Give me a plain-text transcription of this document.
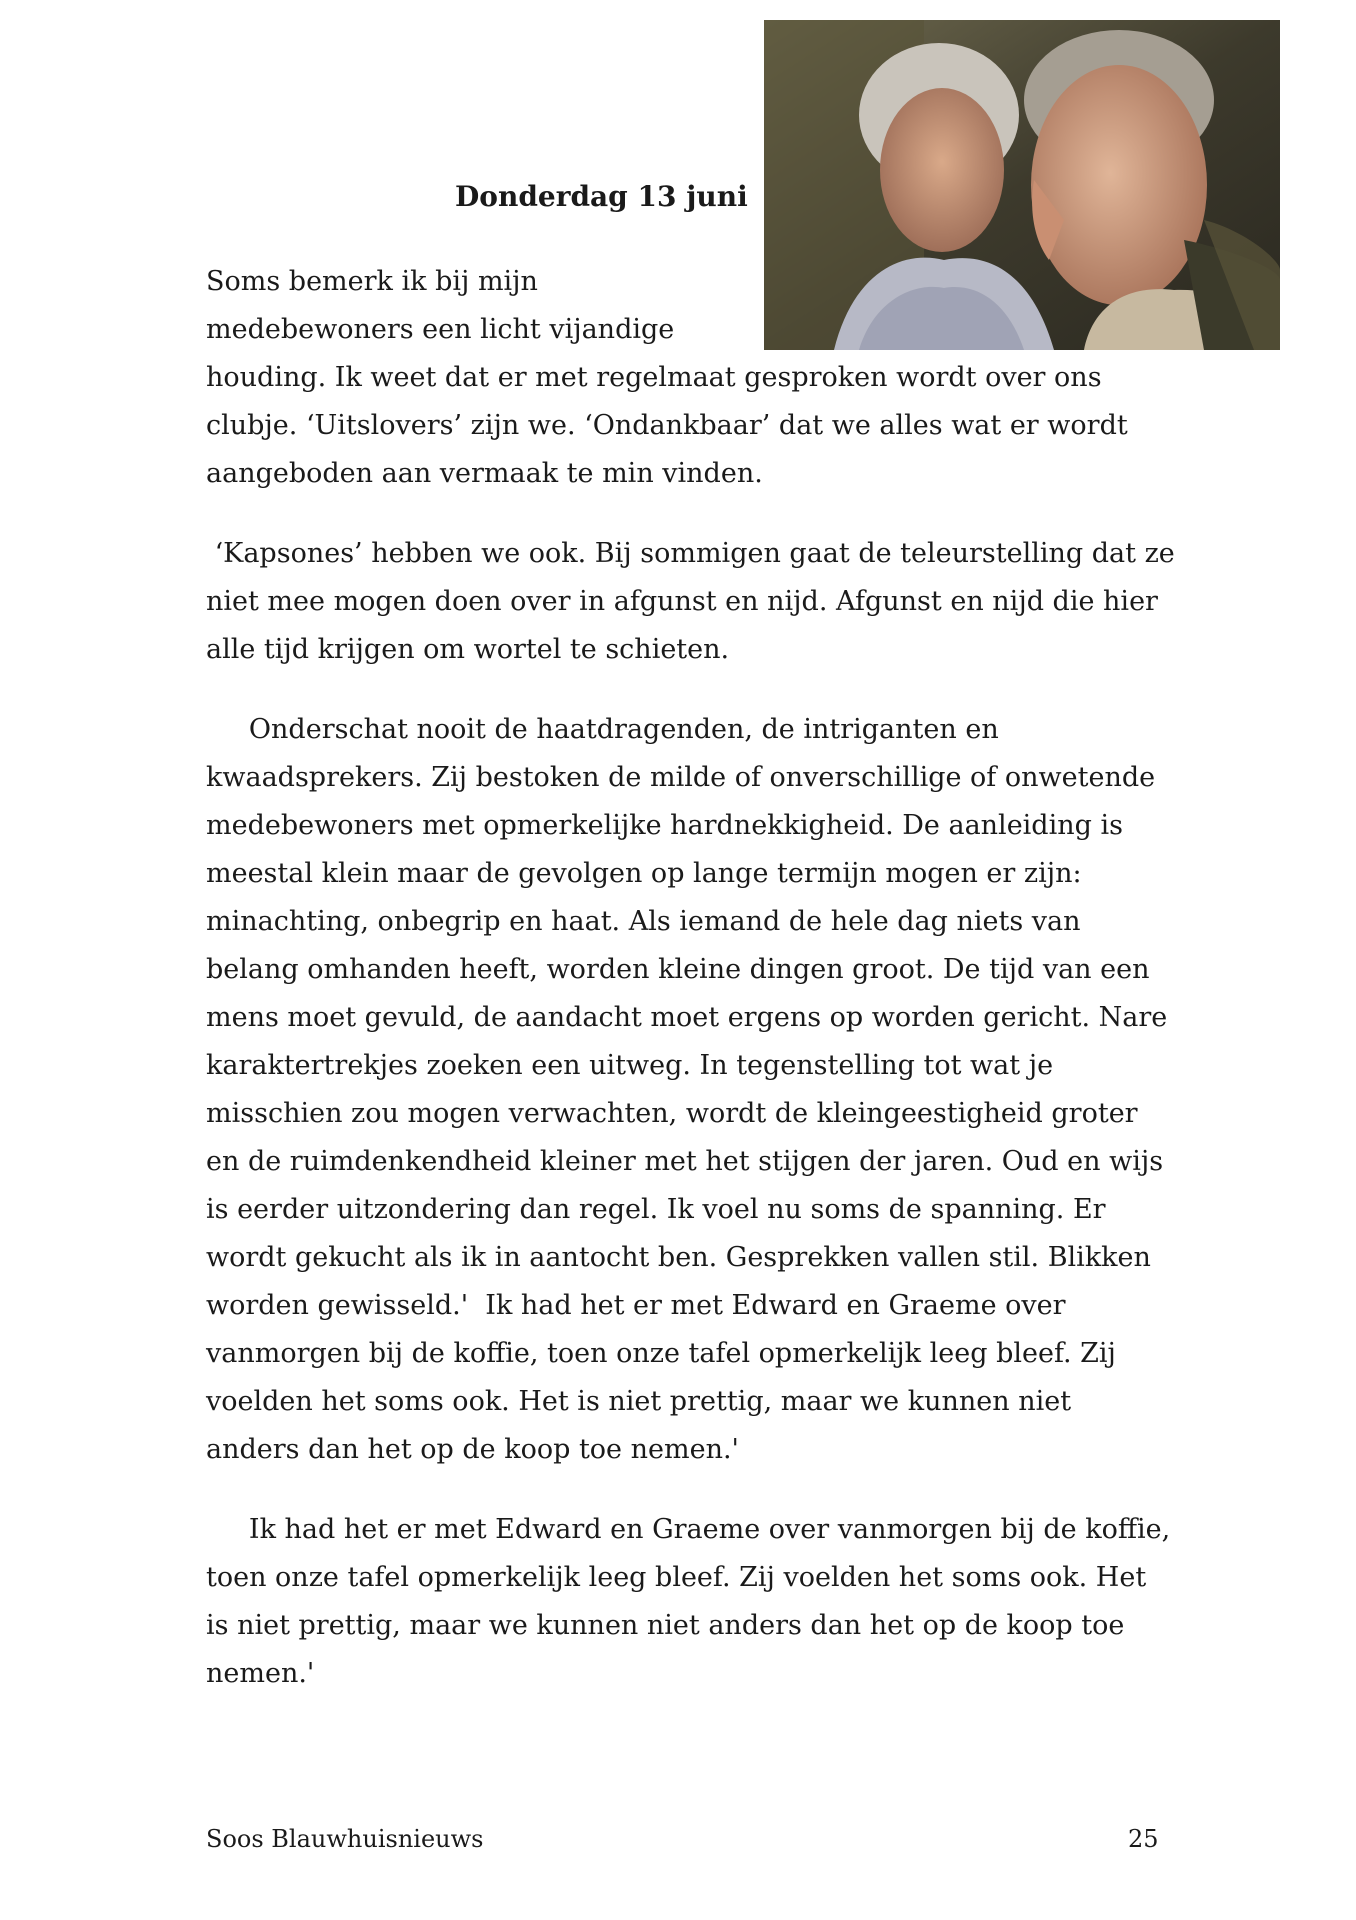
Donderdag 13 juni

Soms bemerk ik bij mijn

medebewoners een licht vijandige

houding. Ik weet dat er met regelmaat gesproken wordt over ons

clubje. ‘Uitslovers’ zijn we. ‘Ondankbaar’ dat we alles wat er wordt

aangeboden aan vermaak te min vinden.

‘Kapsones’ hebben we ook. Bij sommigen gaat de teleurstelling dat ze

niet mee mogen doen over in afgunst en nijd. Afgunst en nijd die hier

alle tijd krijgen om wortel te schieten.

Onderschat nooit de haatdragenden, de intriganten en

kwaadsprekers. Zij bestoken de milde of onverschillige of onwetende

medebewoners met opmerkelijke hardnekkigheid. De aanleiding is

meestal klein maar de gevolgen op lange termijn mogen er zijn:

minachting, onbegrip en haat. Als iemand de hele dag niets van

belang omhanden heeft, worden kleine dingen groot. De tijd van een

mens moet gevuld, de aandacht moet ergens op worden gericht. Nare

karaktertrekjes zoeken een uitweg. In tegenstelling tot wat je

misschien zou mogen verwachten, wordt de kleingeestigheid groter

en de ruimdenkendheid kleiner met het stijgen der jaren. Oud en wijs

is eerder uitzondering dan regel. Ik voel nu soms de spanning. Er

wordt gekucht als ik in aantocht ben. Gesprekken vallen stil. Blikken

worden gewisseld.'  Ik had het er met Edward en Graeme over

vanmorgen bij de koffie, toen onze tafel opmerkelijk leeg bleef. Zij

voelden het soms ook. Het is niet prettig, maar we kunnen niet

anders dan het op de koop toe nemen.'

Ik had het er met Edward en Graeme over vanmorgen bij de koffie,

toen onze tafel opmerkelijk leeg bleef. Zij voelden het soms ook. Het

is niet prettig, maar we kunnen niet anders dan het op de koop toe

nemen.'

Soos Blauwhuisnieuws	25
